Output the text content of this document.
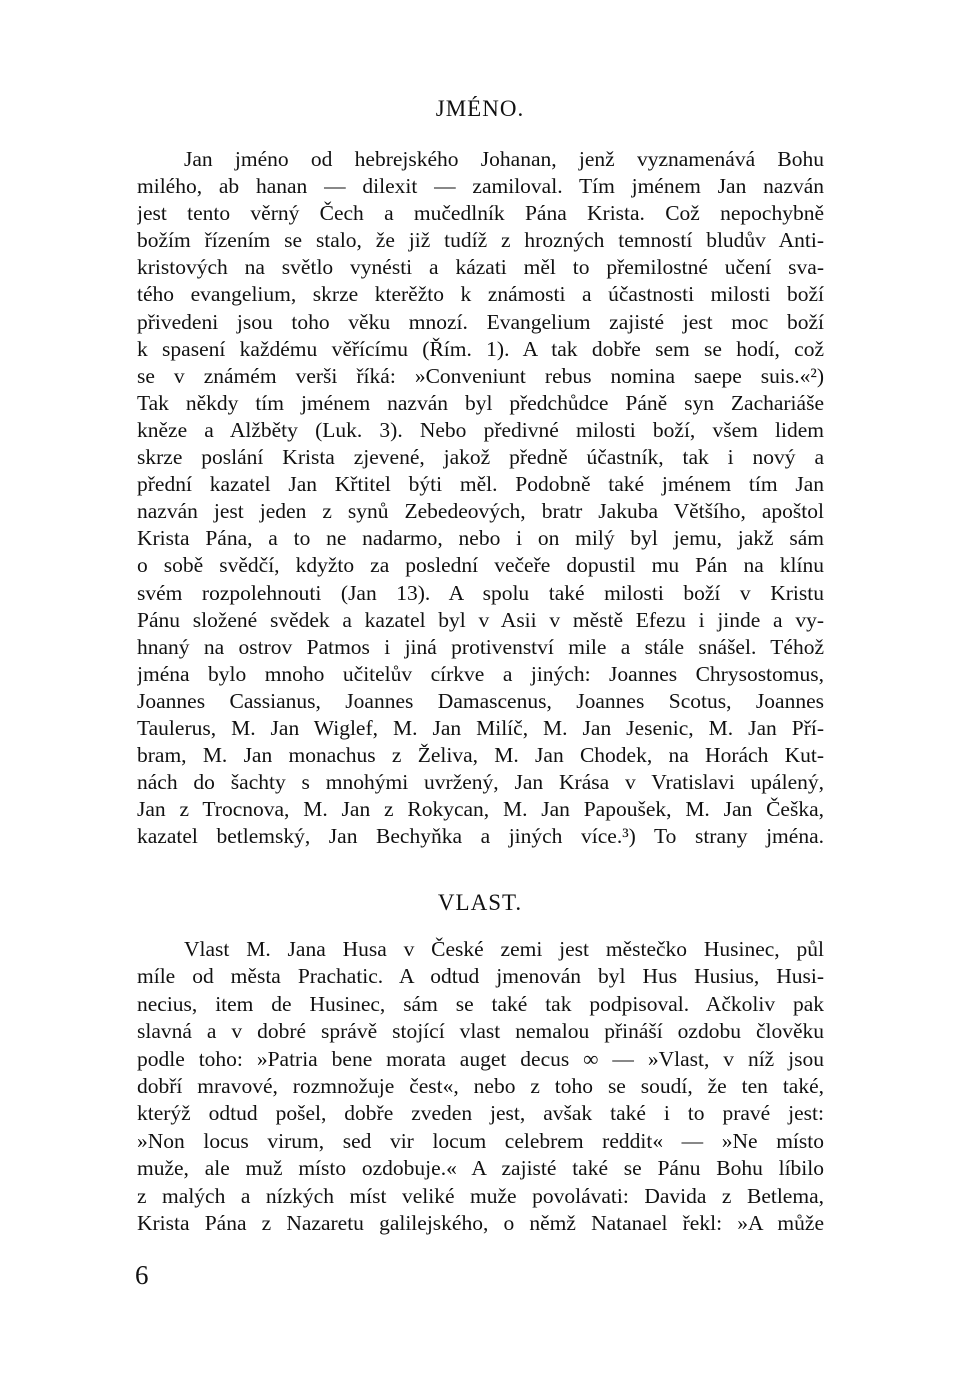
JMÉNO.
Jan jméno od hebrejského Johanan, jenž vyznamenává Bohu
milého, ab hanan — dilexit — zamiloval. Tím jménem Jan nazván
jest tento věrný Čech a mučedlník Pána Krista. Což nepochybně
božím řízením se stalo, že již tudíž z hrozných temností bludův Anti-
kristových na světlo vynésti a kázati měl to přemilostné učení sva-
tého evangelium, skrze kterěžto k známosti a účastnosti milosti boží
přivedeni jsou toho věku mnozí. Evangelium zajisté jest moc boží
k spasení každému věřícímu (Řím. 1). A tak dobře sem se hodí, což
se v známém verši říká: »Conveniunt rebus nomina saepe suis.«²)
Tak někdy tím jménem nazván byl předchůdce Páně syn Zachariáše
kněze a Alžběty (Luk. 3). Nebo předivné milosti boží, všem lidem
skrze poslání Krista zjevené, jakož předně účastník, tak i nový a
přední kazatel Jan Křtitel býti měl. Podobně také jménem tím Jan
nazván jest jeden z synů Zebedeových, bratr Jakuba Většího, apoštol
Krista Pána, a to ne nadarmo, nebo i on milý byl jemu, jakž sám
o sobě svědčí, kdyžto za poslední večeře dopustil mu Pán na klínu
svém rozpolehnouti (Jan 13). A spolu také milosti boží v Kristu
Pánu složené svědek a kazatel byl v Asii v městě Efezu i jinde a vy-
hnaný na ostrov Patmos i jiná protivenství mile a stále snášel. Téhož
jména bylo mnoho učitelův církve a jiných: Joannes Chrysostomus,
Joannes Cassianus, Joannes Damascenus, Joannes Scotus, Joannes
Taulerus, M. Jan Wiglef, M. Jan Milíč, M. Jan Jesenic, M. Jan Pří-
bram, M. Jan monachus z Želiva, M. Jan Chodek, na Horách Kut-
nách do šachty s mnohými uvržený, Jan Krása v Vratislavi upálený,
Jan z Trocnova, M. Jan z Rokycan, M. Jan Papoušek, M. Jan Češka,
kazatel betlemský, Jan Bechyňka a jiných více.³) To strany jména.
VLAST.
Vlast M. Jana Husa v České zemi jest městečko Husinec, půl
míle od města Prachatic. A odtud jmenován byl Hus Husius, Husi-
necius, item de Husinec, sám se také tak podpisoval. Ačkoliv pak
slavná a v dobré správě stojící vlast nemalou přináší ozdobu člověku
podle toho: »Patria bene morata auget decus ∞ — »Vlast, v níž jsou
dobří mravové, rozmnožuje čest«, nebo z toho se soudí, že ten také,
kterýž odtud pošel, dobře zveden jest, avšak také i to pravé jest:
»Non locus virum, sed vir locum celebrem reddit« — »Ne místo
muže, ale muž místo ozdobuje.« A zajisté také se Pánu Bohu líbilo
z malých a nízkých míst veliké muže povolávati: Davida z Betlema,
Krista Pána z Nazaretu galilejského, o němž Natanael řekl: »A může
6
